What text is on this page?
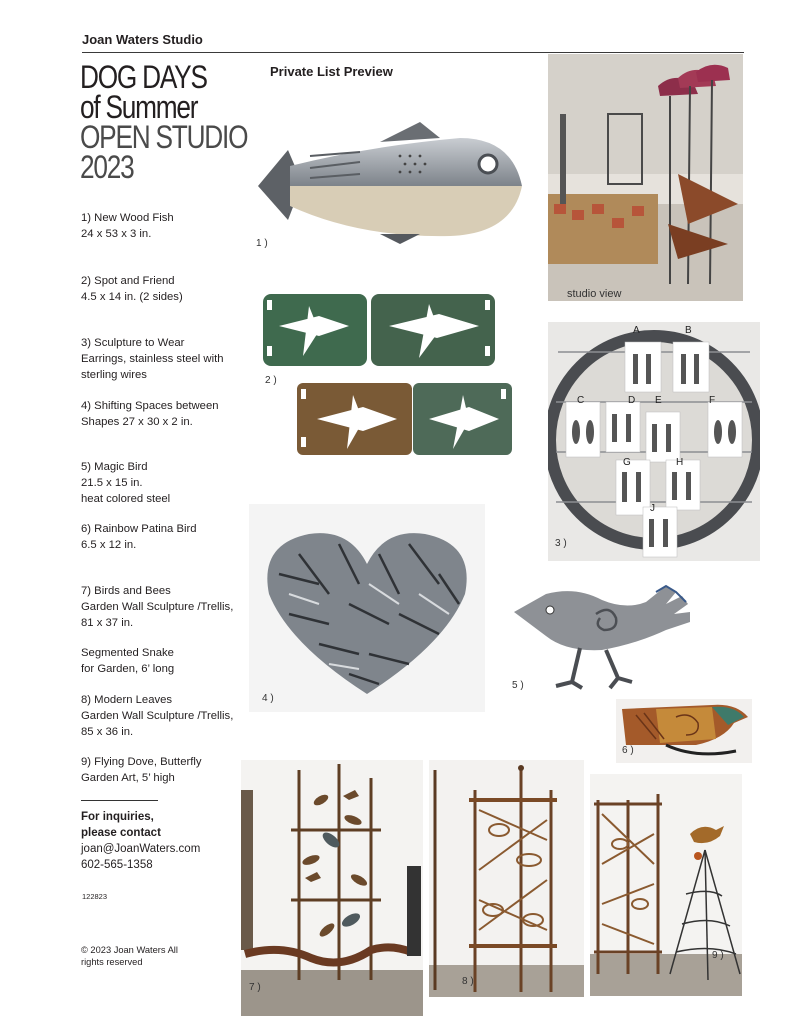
Joan Waters Studio
DOG DAYS
of Summer
OPEN STUDIO
2023
Private List Preview
1) New Wood Fish
24 x 53 x 3 in.
2) Spot and Friend
4.5 x 14 in. (2 sides)
3) Sculpture to Wear
Earrings, stainless steel with
sterling wires
4) Shifting Spaces between
Shapes 27 x 30 x 2 in.
5) Magic Bird
21.5 x 15 in.
heat colored steel
6) Rainbow Patina Bird
6.5 x 12 in.
7) Birds and Bees
Garden Wall Sculpture /Trellis,
81 x 37 in.
Segmented Snake
for Garden, 6’ long
8) Modern Leaves
Garden Wall Sculpture /Trellis,
85 x 36 in.
9) Flying Dove, Butterfly
Garden Art, 5’ high
For inquiries,
please contact
joan@JoanWaters.com
602-565-1358
122823
© 2023 Joan Waters All rights reserved
1 )
studio view
2 )
A	B
C	D E	F
G	H
J
3 )
4 )
5 )
6 )
7 )
8 )
9 )
